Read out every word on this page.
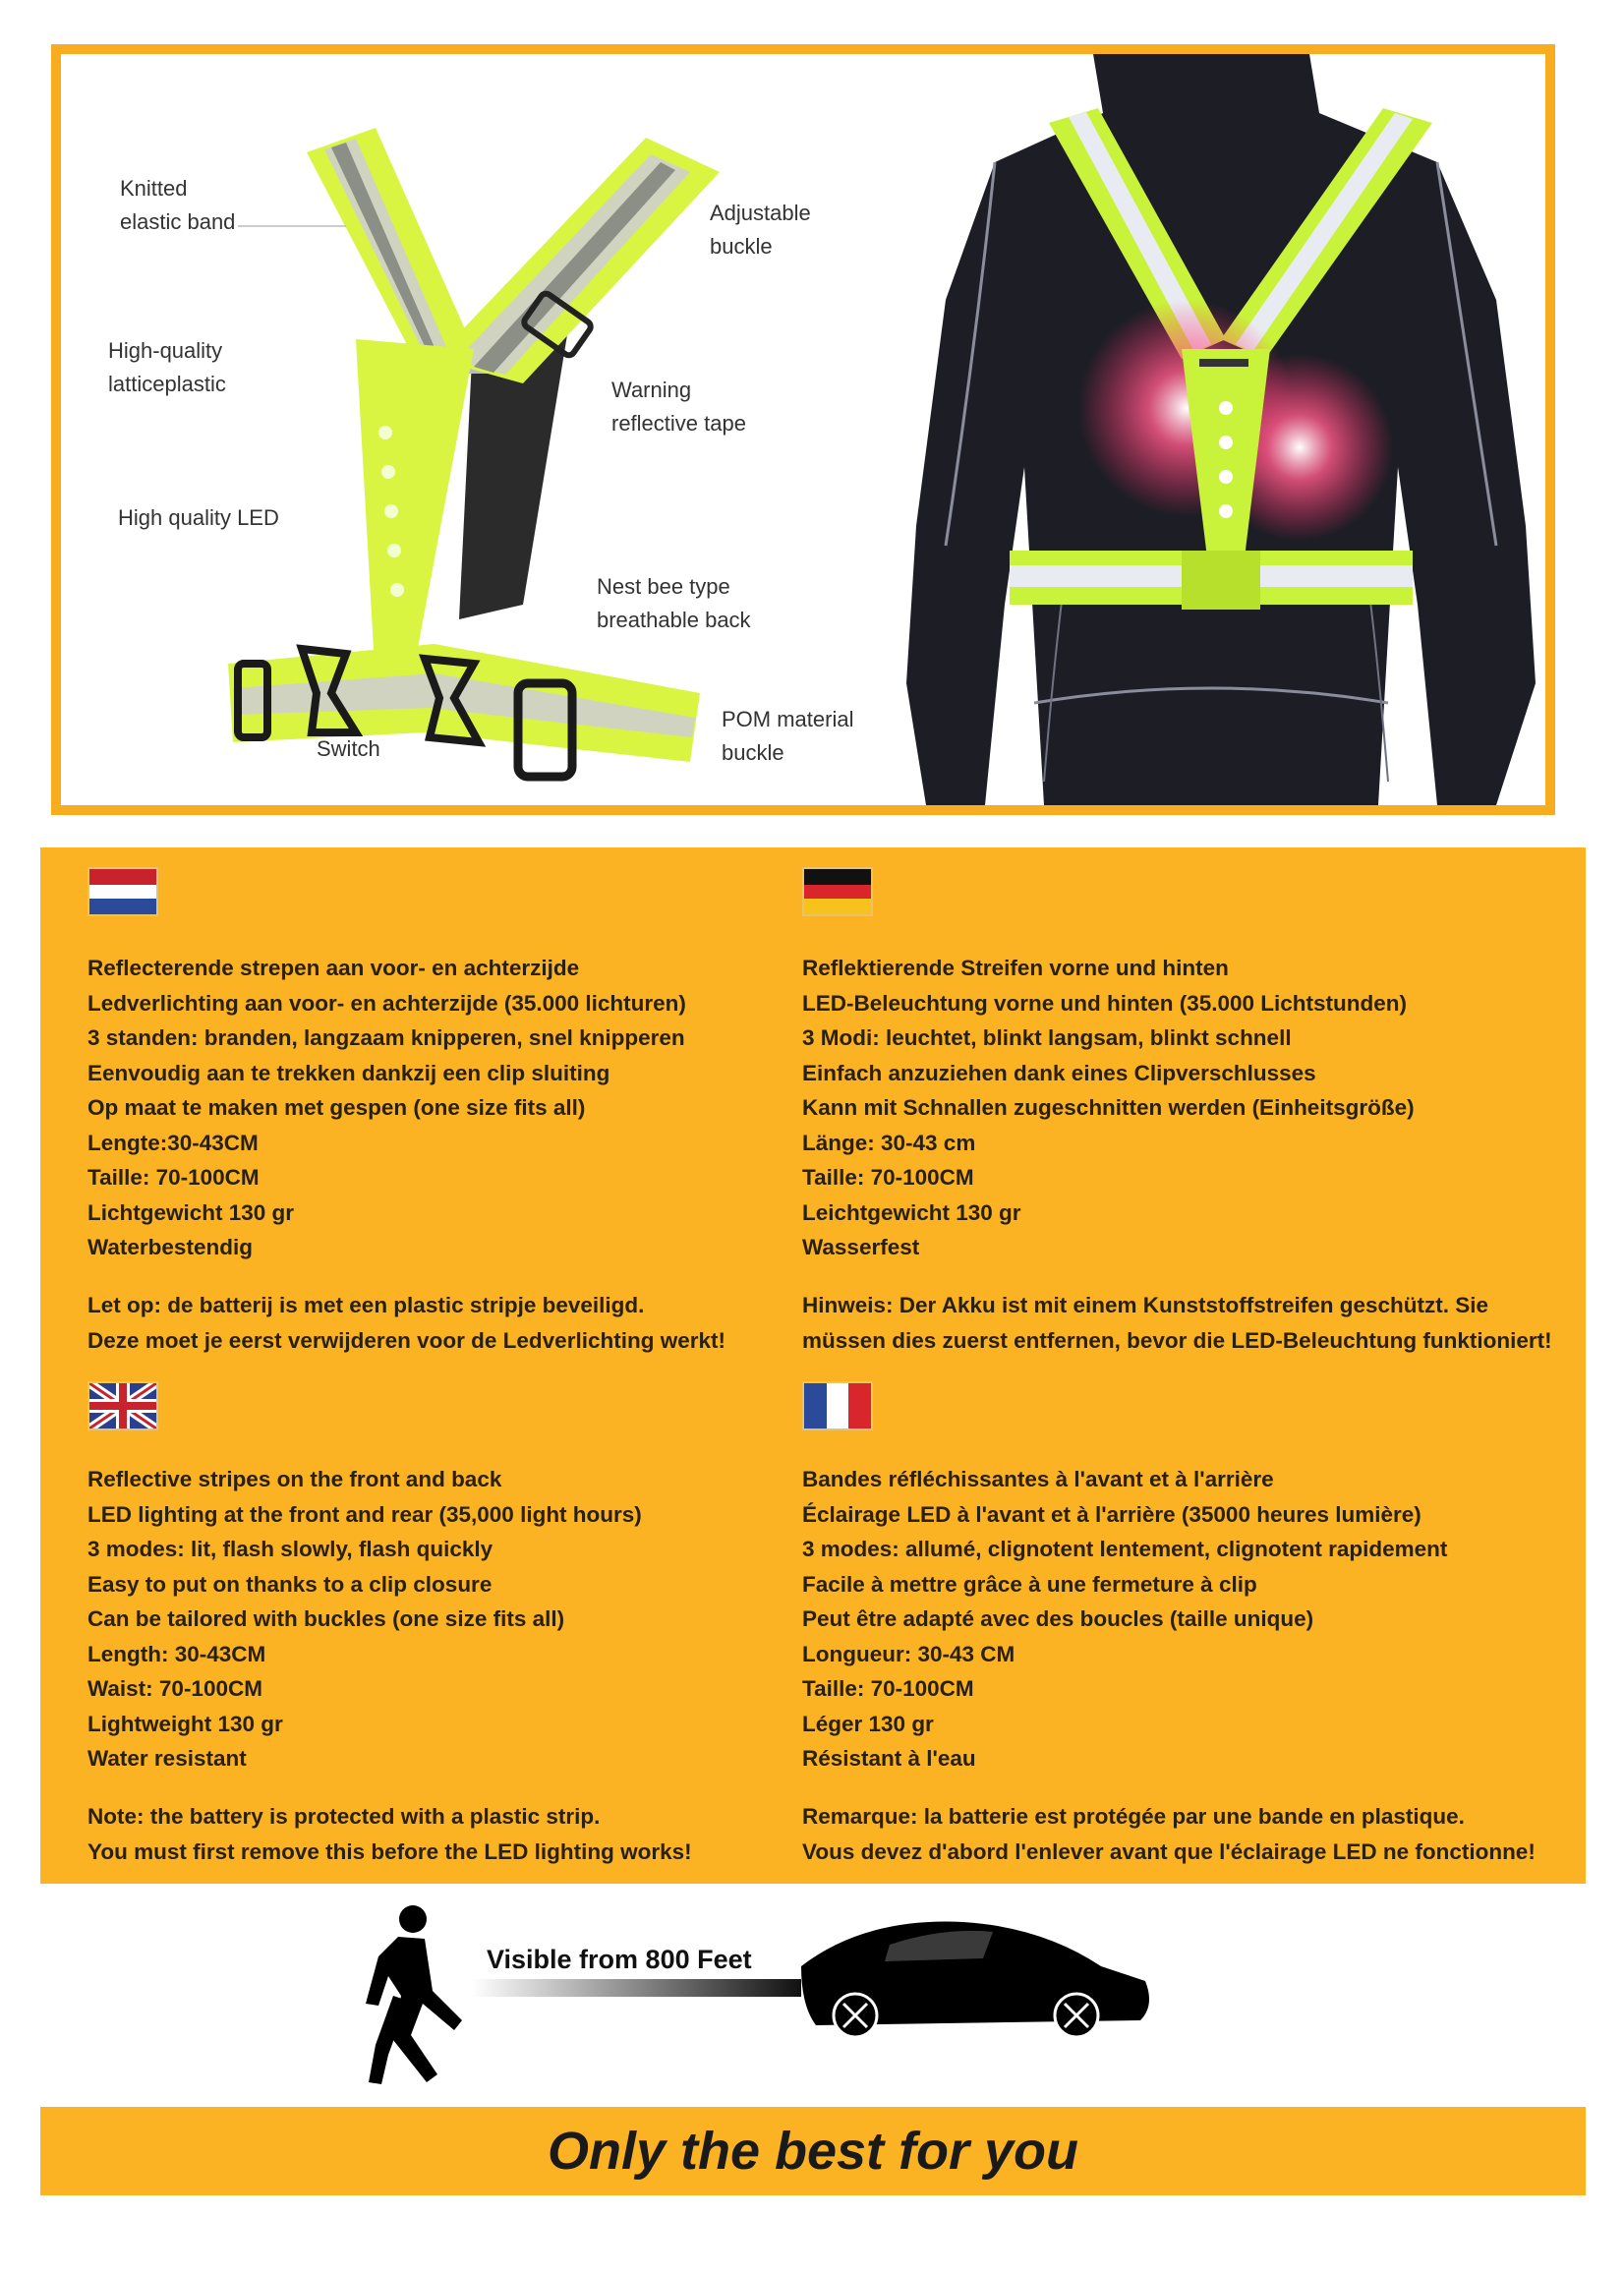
Knitted
elastic band	Adjustable
buckle
High-quality
latticeplastic	Warning
reflective tape
High quality LED
Nest bee type
breathable back
POM material
buckle
Switch
Reflecterende strepen aan voor- en achterzijde
Ledverlichting aan voor- en achterzijde (35.000 lichturen)
3 standen: branden, langzaam knipperen, snel knipperen
Eenvoudig aan te trekken dankzij een clip sluiting
Op maat te maken met gespen (one size fits all)
Lengte:30-43CM
Taille: 70-100CM
Lichtgewicht 130 gr
Waterbestendig
Let op: de batterij is met een plastic stripje beveiligd.
Deze moet je eerst verwijderen voor de Ledverlichting werkt!
Reflektierende Streifen vorne und hinten
LED-Beleuchtung vorne und hinten (35.000 Lichtstunden)
3 Modi: leuchtet, blinkt langsam, blinkt schnell
Einfach anzuziehen dank eines Clipverschlusses
Kann mit Schnallen zugeschnitten werden (Einheitsgröße)
Länge: 30-43 cm
Taille: 70-100CM
Leichtgewicht 130 gr
Wasserfest
Hinweis: Der Akku ist mit einem Kunststoffstreifen geschützt. Sie
müssen dies zuerst entfernen, bevor die LED-Beleuchtung funktioniert!
Reflective stripes on the front and back
LED lighting at the front and rear (35,000 light hours)
3 modes: lit, flash slowly, flash quickly
Easy to put on thanks to a clip closure
Can be tailored with buckles (one size fits all)
Length: 30-43CM
Waist: 70-100CM
Lightweight 130 gr
Water resistant
Note: the battery is protected with a plastic strip.
You must first remove this before the LED lighting works!
Bandes réfléchissantes à l'avant et à l'arrière
Éclairage LED à l'avant et à l'arrière (35000 heures lumière)
3 modes: allumé, clignotent lentement, clignotent rapidement
Facile à mettre grâce à une fermeture à clip
Peut être adapté avec des boucles (taille unique)
Longueur: 30-43 CM
Taille: 70-100CM
Léger 130 gr
Résistant à l'eau
Remarque: la batterie est protégée par une bande en plastique.
Vous devez d'abord l'enlever avant que l'éclairage LED ne fonctionne!
Visible from 800 Feet
Only the best for you
